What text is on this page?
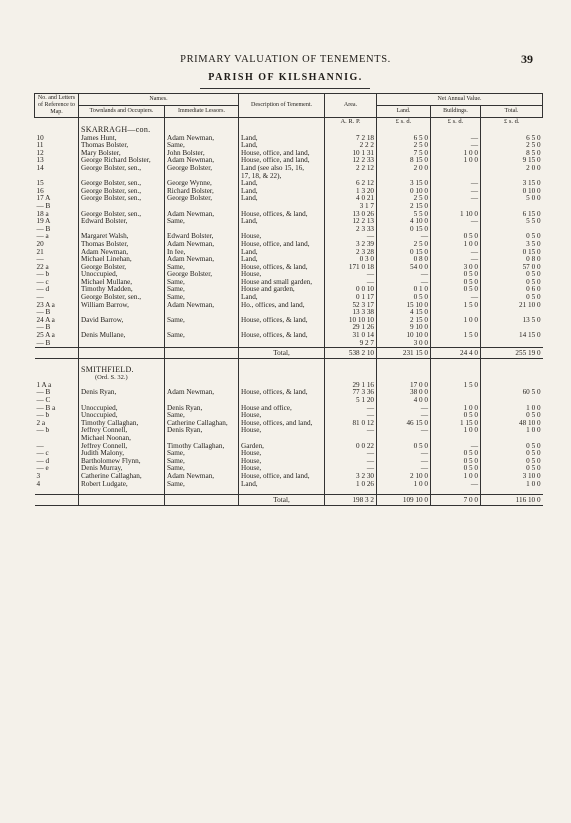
PRIMARY VALUATION OF TENEMENTS.	39
PARISH OF KILSHANNIG.
No. and Letters of Reference to Map.	Names.		Description of Tenement.	Area.	Net Annual Value.		
	Townlands and Occupiers.	Immediate Lessors.			Land.	Buildings.	Total.
				A. R. P.	£ s. d.	£ s. d.	£ s. d.
	SKARRAGH—con.						
10	James Hunt,	Adam Newman,	Land,	7 2 18	6 5 0	—	6 5 0
11	Thomas Bolster,	Same,	Land,	2 2 2	2 5 0	—	2 5 0
12	Mary Bolster,	John Bolster,	House, office, and land,	10 1 31	7 5 0	1 0 0	8 5 0
13	George Richard Bolster,	Adam Newman,	House, office, and land,	12 2 33	8 15 0	1 0 0	9 15 0
14	George Bolster, sen.,	George Bolster,	Land (see also 15, 16,	2 2 12	2 0 0		2 0 0
			17, 18, & 22),				
15	George Bolster, sen.,	George Wynne,	Land,	6 2 12	3 15 0	—	3 15 0
16	George Bolster, sen.,	Richard Bolster,	Land,	1 3 20	0 10 0	—	0 10 0
17 A	George Bolster, sen.,	George Bolster,	Land,	4 0 21	2 5 0	—	5 0 0
— B				3 1 7	2 15 0		
18 a	George Bolster, sen.,	Adam Newman,	House, offices, & land,	13 0 26	5 5 0	1 10 0	6 15 0
19 A	Edward Bolster,	Same,	Land,	12 2 13	4 10 0	—	5 5 0
— B				2 3 33	0 15 0		
— a	Margaret Walsh,	Edward Bolster,	House,	—	—	0 5 0	0 5 0
20	Thomas Bolster,	Adam Newman,	House, office, and land,	3 2 39	2 5 0	1 0 0	3 5 0
21	Adam Newman,	In fee,	Land,	2 3 28	0 15 0	—	0 15 0
—	Michael Linehan,	Adam Newman,	Land,	0 3 0	0 8 0	—	0 8 0
22 a	George Bolster,	Same,	House, offices, & land,	171 0 18	54 0 0	3 0 0	57 0 0
— b	Unoccupied,	George Bolster,	House,	—	—	0 5 0	0 5 0
— c	Michael Mullane,	Same,	House and small garden,	—	—	0 5 0	0 5 0
— d	Timothy Madden,	Same,	House and garden,	0 0 10	0 1 0	0 5 0	0 6 0
—	George Bolster, sen.,	Same,	Land,	0 1 17	0 5 0	—	0 5 0
23 A a	William Barrow,	Adam Newman,	Ho., offices, and land,	52 3 17	15 10 0	1 5 0	21 10 0
— B				13 3 38	4 15 0		
24 A a	David Barrow,	Same,	House, offices, & land,	10 10 10	2 15 0	1 0 0	13 5 0
— B				29 1 26	9 10 0		
25 A a	Denis Mullane,	Same,	House, offices, & land,	31 0 14	10 10 0	1 5 0	14 15 0
— B				9 2 7	3 0 0		
			Total,	538 2 10	231 15 0	24 4 0	255 19 0

	SMITHFIELD.						
	(Ord. S. 32.)						
1 A a				29 1 16	17 0 0	1 5 0	
— B	Denis Ryan,	Adam Newman,	House, offices, & land,	77 3 36	38 0 0		60 5 0
— C				5 1 20	4 0 0		
— B a	Unoccupied,	Denis Ryan,	House and office,	—	—	1 0 0	1 0 0
— b	Unoccupied,	Same,	House,	—	—	0 5 0	0 5 0
2 a	Timothy Callaghan,	Catherine Callaghan,	House, offices, and land,	81 0 12	46 15 0	1 15 0	48 10 0
— b	Jeffrey Connell,	Denis Ryan,	House,	—	—	1 0 0	1 0 0
	Michael Noonan,						
—	Jeffrey Connell,	Timothy Callaghan,	Garden,	0 0 22	0 5 0	—	0 5 0
— c	Judith Malony,	Same,	House,	—	—	0 5 0	0 5 0
— d	Bartholomew Flynn,	Same,	House,	—	—	0 5 0	0 5 0
— e	Denis Murray,	Same,	House,	—	—	0 5 0	0 5 0
3	Catherine Callaghan,	Adam Newman,	House, office, and land,	3 2 30	2 10 0	1 0 0	3 10 0
4	Robert Ludgate,	Same,	Land,	1 0 26	1 0 0	—	1 0 0

			Total,	198 3 2	109 10 0	7 0 0	116 10 0
